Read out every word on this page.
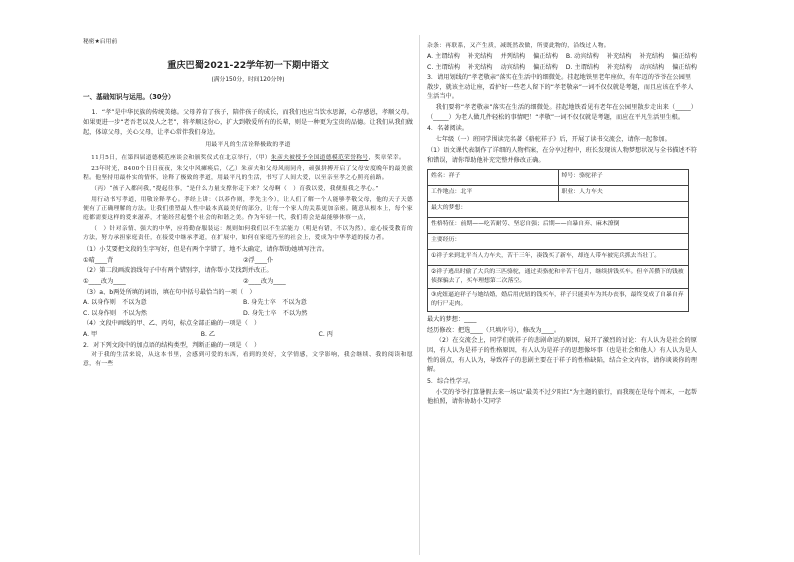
秘密★启用前
重庆巴蜀2021-22学年初一下期中语文
(满分150分，时间120分钟)
一、基础知识与运用。（30分）
1．“孝”是中华民族的传统美德。父母养育了孩子，陪伴孩子的成长，而我们也应当饮水思源，心存感恩，孝顺父母。如果更进一步“老吾老以及人之老”，将孝顺这份心，扩大到敬爱所有的长辈，则是一种更为宝贵的品德。让我们从我们做起，体谅父母，关心父母，让孝心常伴我们身边。
用最平凡的生活诠释极致的孝道
11月5日，在第四届道德模范座谈会和颁奖仪式在北京举行，（甲）朱彦夫被授予全国道德模范荣誉称号，奖章荣幸。
23年时光，8400个日日夜夜，朱父中风瘫痪后，（乙）朱彦夫和父母风雨同舟，顽强拼搏开启了父母安度晚年的最美旅程。他坚持用最朴实的情怀，诠释了极致的孝道，用最平凡的生活，书写了人间大爱，以至亲至孝之心照亮前路。
（丙）“孩子入都问我，”提起往事，“是什么力量支撑你走下来？父母啊（　）育我以爱，我便报我之孝心。”
用行动书写孝道，用敬诠释孝心。孝经上讲：（以养作则，孝先主今），让人们了解一个人能够孝敬父母，他的天子天德便有了正确理解的方法。让我们重塑最人性中最本真最美好的部分，让每一个家人的关系更加亲密。随意从根本上，每个家庭都需要这样的爱来滋养，才能经营起整个社会的和谐之美。作为年轻一代，我们将会是最能够体察一点，
（　）针对亲情、强大的中华，应将勤奋服装运：规则如何我们以不生活能力（明是有错，不以为然），虚心接受教育的方法，努力承担家庭责任，在接爱中继承孝道，在扩展中，如何在家庭乃至的社会上，爱成为中华孝道的接力者。
（1）小艾要把文段的生字写好，但是有两个字错了，地不太确定，请你帮助她填写注音。
①晴____背	②浮____仆
（2）第二段画波浪线句子中有两个错别字，请你帮小艾找到并改正。
①____改为____	②____改为____
（3）a、b两处所填的词语，填在句中括号最恰当的一项（　）
A. 以身作则　不以为意	B. 身先士卒　不以为意
C. 以身作则　不以为然	D. 身先士卒　不以为然
（4）文段中画线的甲、乙、丙句，标点全部正确的一项是（　）
A. 甲	B. 乙	C. 丙
2．对下列文段中的加点语的结构类型，判断正确的一项是（　）
对于我的生活来说，从这本书里，会感到可爱的东西，看到的美好，文学情感，文学影响，我会继续、我的阅读和愿意，有一些
杂条：再联系，又产生质，减既然改做，所要此物的，沿线过人物。
A. 主谓结构 补充结构 并列结构 偏正结构 B. 动宾结构 补充结构 补充结构 偏正结构
C. 主谓结构 补充结构 动宾结构 偏正结构 D. 主谓结构 补充结构 动宾结构 偏正结构
3．请用划线的“孝老敬亲”落实在生活中的细微处。挂起地铁里老年座位，有年迈的爷爷在公园里散步，就该主动让座，看护好一些老人留下的“孝老敬亲”一词不仅仅就是考题，而且应该在乎孝人生活当中。
我们要将“孝老敬亲”落实在生活的细微处。挂起地铁看见有老年在公园里散步走出来（_____）（_____）为老人做几件轻松的事情吧！“孝敬”一词不仅仅就是考题，而应在平凡生活里生根。
4．名著阅读。
七年级（一）班同学围读完名著《骆驼祥子》后，开展了读书交流会，请你一起参加。
（1）语文课代表制作了详细的人物档案，在分享过程中，班长发现该人物梦想状况与全书描述不符和错误，请你帮助他补充完整并修改正确。
姓名：祥子	绰号：骆驼祥子
工作地点：北平	职业：人力车夫
最大的梦想：	
性格特征：前期——吃苦耐劳、坚忍自强；后期——自暴自弃、麻木潦倒	
主要经历：	
①祥子来到北平当人力车夫，苦干三年，凑钱买了新车，却连人带车被宪兵抓去当壮丁。	
②祥子逃出时偷了大兵的三匹骆驼，通过卖骆驼和辛苦干包月，继续拼钱买车。但辛苦攒下的钱被侦探骗去了，买车理想第二次落空。	
③虎妞逼迫祥子与她结婚，婚后用虎妞的钱买车，祥子只能卖车为其办丧事，最终变成了自暴自弃的行尸走肉。	
最大的梦想：____
经历修改：把选____（只填序号），修改为____。
（2）在交流会上，同学们就祥子的悲剧命运的原因，展开了激烈的讨论：有人认为是社会的原因，有人认为是祥子的性格原因，有人认为是祥子的思想像坏事（也是社会和他人）有人认为是人性的弱点，有人认为，导致祥子的悲剧主要在于祥子的性格缺陷，结合全文内容，请你谈谈你的理解。
5．综合性学习。
小艾的爷爷打算暑假去来一场以“最美不过夕阳红”为主题的旅行，而我现在是每个周末，一起帮他拍照，请你协助小艾同学
